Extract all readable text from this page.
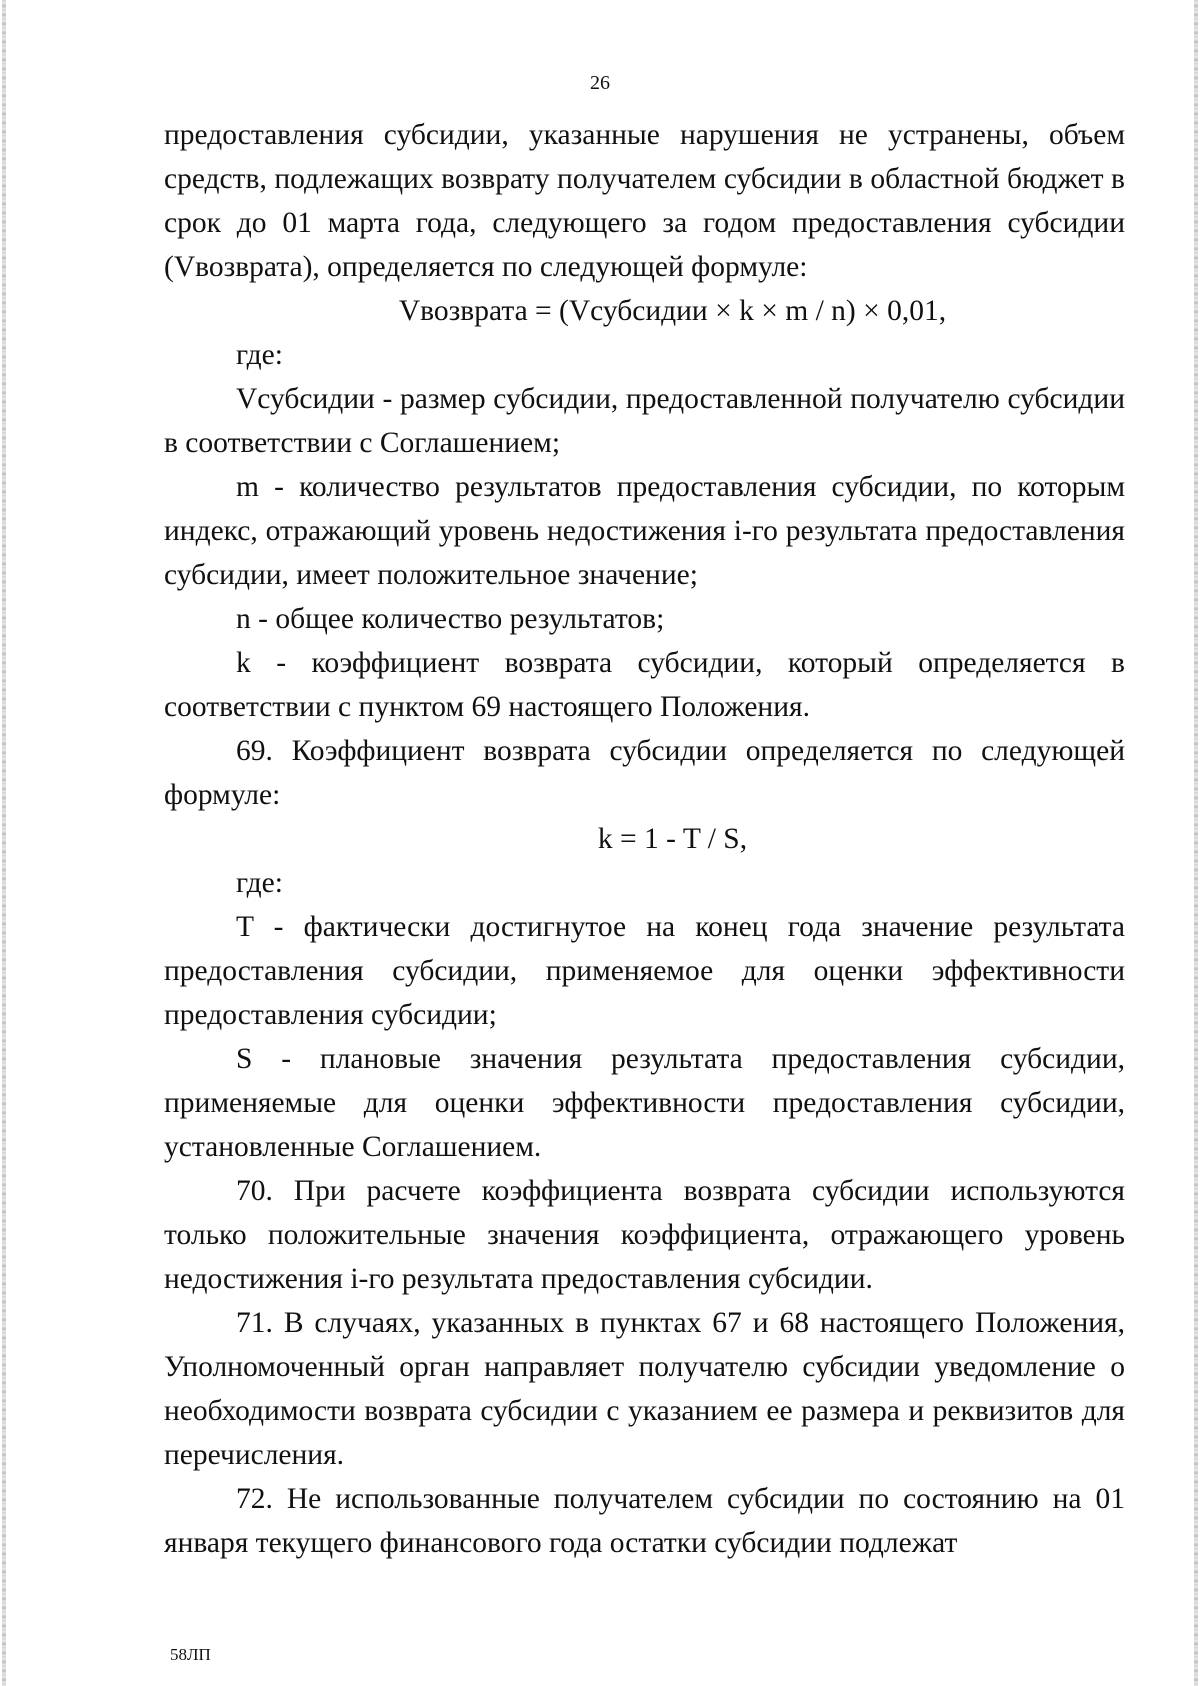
26

предоставления субсидии, указанные нарушения не устранены, объем средств, подлежащих возврату получателем субсидии в областной бюджет в срок до 01 марта года, следующего за годом предоставления субсидии (Vвозврата), определяется по следующей формуле:

Vвозврата = (Vсубсидии × k × m / n) × 0,01,

где:

Vсубсидии - размер субсидии, предоставленной получателю субсидии в соответствии с Соглашением;

m - количество результатов предоставления субсидии, по которым индекс, отражающий уровень недостижения i-го результата предоставления субсидии, имеет положительное значение;

n - общее количество результатов;

k - коэффициент возврата субсидии, который определяется в соответствии с пунктом 69 настоящего Положения.

69. Коэффициент возврата субсидии определяется по следующей формуле:

k = 1 - T / S,

где:

T - фактически достигнутое на конец года значение результата предоставления субсидии, применяемое для оценки эффективности предоставления субсидии;

S - плановые значения результата предоставления субсидии, применяемые для оценки эффективности предоставления субсидии, установленные Соглашением.

70. При расчете коэффициента возврата субсидии используются только положительные значения коэффициента, отражающего уровень недостижения i-го результата предоставления субсидии.

71. В случаях, указанных в пунктах 67 и 68 настоящего Положения, Уполномоченный орган направляет получателю субсидии уведомление о необходимости возврата субсидии с указанием ее размера и реквизитов для перечисления.

72. Не использованные получателем субсидии по состоянию на 01 января текущего финансового года остатки субсидии подлежат

58ЛП
